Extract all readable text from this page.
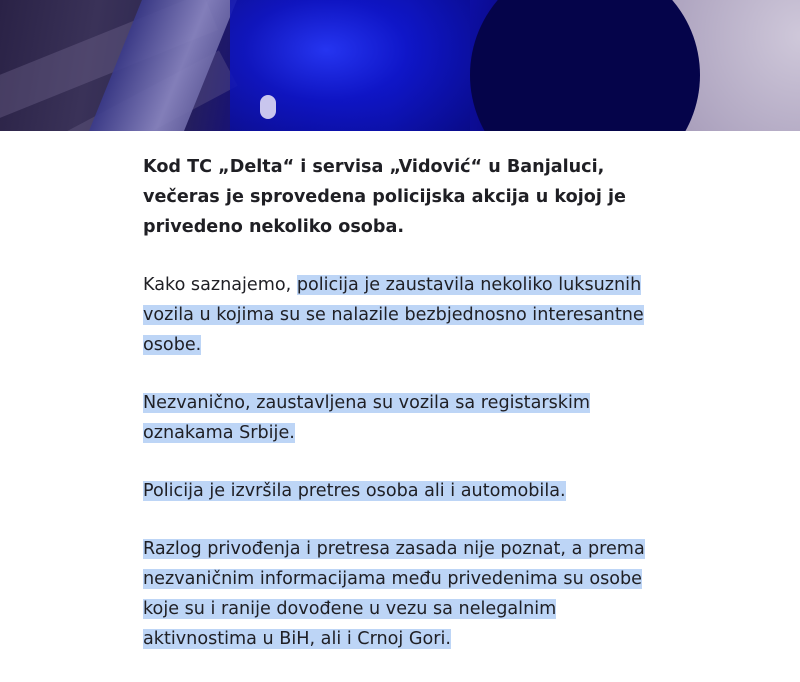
Kod TC „Delta“ i servisa „Vidović“ u Banjaluci, večeras je sprovedena policijska akcija u kojoj je privedeno nekoliko osoba.

Kako saznajemo, policija je zaustavila nekoliko luksuznih vozila u kojima su se nalazile bezbjednosno interesantne osobe.

Nezvanično, zaustavljena su vozila sa registarskim oznakama Srbije.

Policija je izvršila pretres osoba ali i automobila.

Razlog privođenja i pretresa zasada nije poznat, a prema nezvaničnim informacijama među privedenima su osobe koje su i ranije dovođene u vezu sa nelegalnim aktivnostima u BiH, ali i Crnoj Gori.
